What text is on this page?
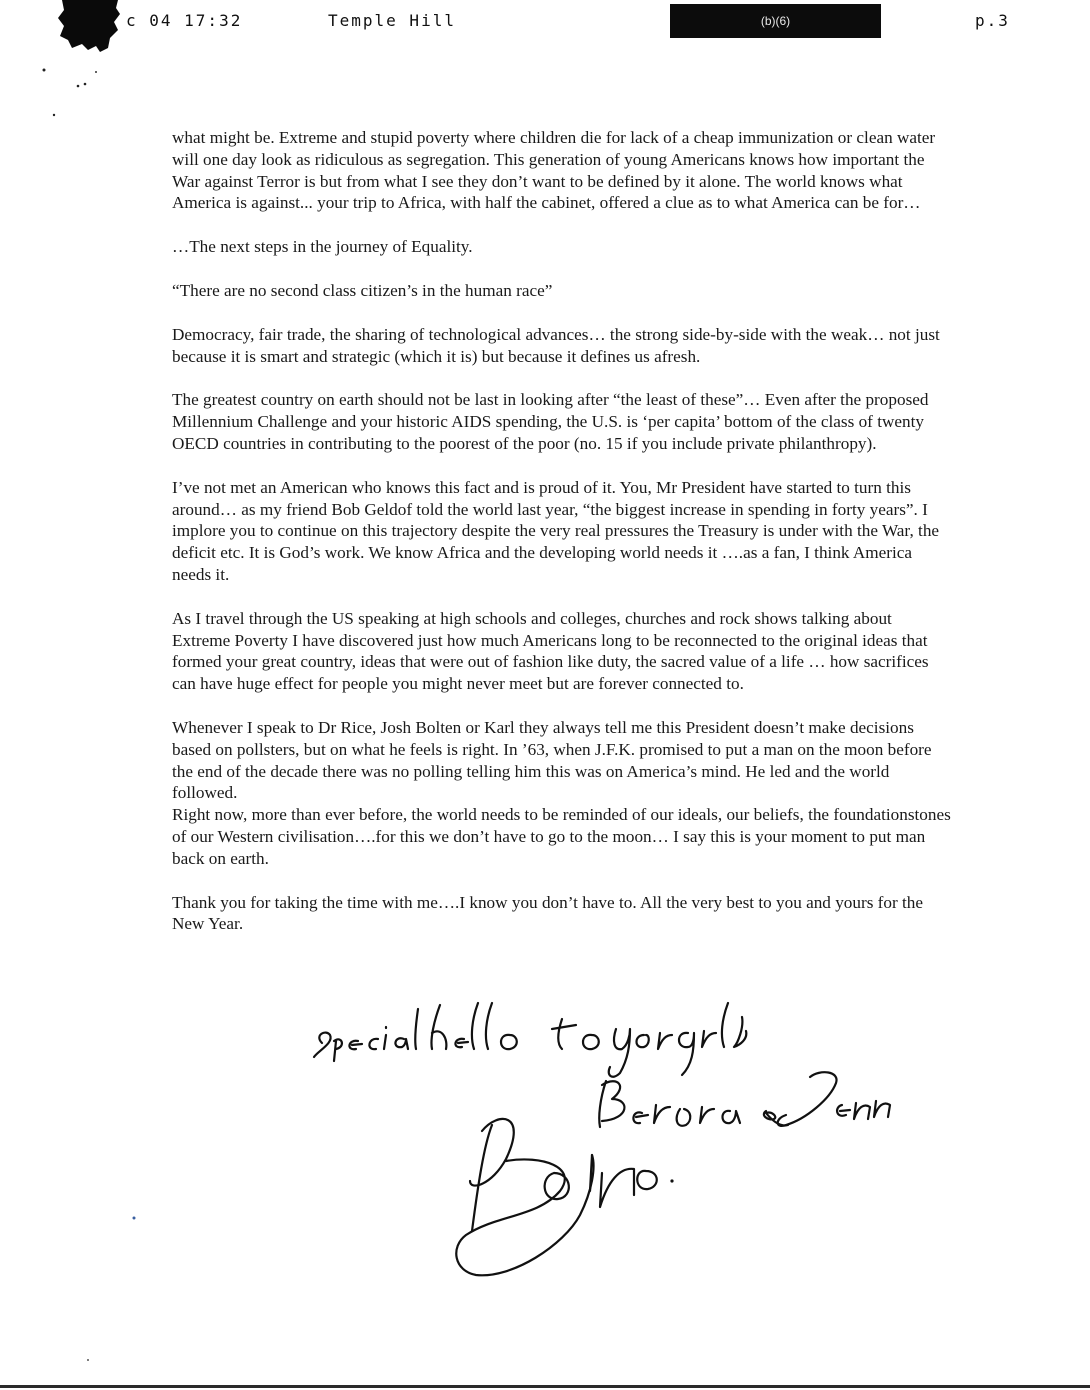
c 04 17:32	Temple Hill	(b)(6)	p.3

what might be. Extreme and stupid poverty where children die for lack of a cheap immunization or clean water will one day look as ridiculous as segregation. This generation of young Americans knows how important the War against Terror is but from what I see they don’t want to be defined by it alone. The world knows what America is against... your trip to Africa, with half the cabinet, offered a clue as to what America can be for…

…The next steps in the journey of Equality.

“There are no second class citizen’s in the human race”

Democracy, fair trade, the sharing of technological advances… the strong side-by-side with the weak… not just because it is smart and strategic (which it is) but because it defines us afresh.

The greatest country on earth should not be last in looking after “the least of these”… Even after the proposed Millennium Challenge and your historic AIDS spending, the U.S. is ‘per capita’ bottom of the class of twenty OECD countries in contributing to the poorest of the poor (no. 15 if you include private philanthropy).

I’ve not met an American who knows this fact and is proud of it. You, Mr President have started to turn this around… as my friend Bob Geldof told the world last year, “the biggest increase in spending in forty years”. I implore you to continue on this trajectory despite the very real pressures the Treasury is under with the War, the deficit etc. It is God’s work. We know Africa and the developing world needs it ….as a fan, I think America needs it.

As I travel through the US speaking at high schools and colleges, churches and rock shows talking about Extreme Poverty I have discovered just how much Americans long to be reconnected to the original ideas that formed your great country, ideas that were out of fashion like duty, the sacred value of a life … how sacrifices can have huge effect for people you might never meet but are forever connected to.

Whenever I speak to Dr Rice, Josh Bolten or Karl they always tell me this President doesn’t make decisions based on pollsters, but on what he feels is right. In ’63, when J.F.K. promised to put a man on the moon before the end of the decade there was no polling telling him this was on America’s mind. He led and the world followed.

Right now, more than ever before, the world needs to be reminded of our ideals, our beliefs, the foundationstones of our Western civilisation….for this we don’t have to go to the moon… I say this is your moment to put man back on earth.

Thank you for taking the time with me….I know you don’t have to. All the very best to you and yours for the New Year.
